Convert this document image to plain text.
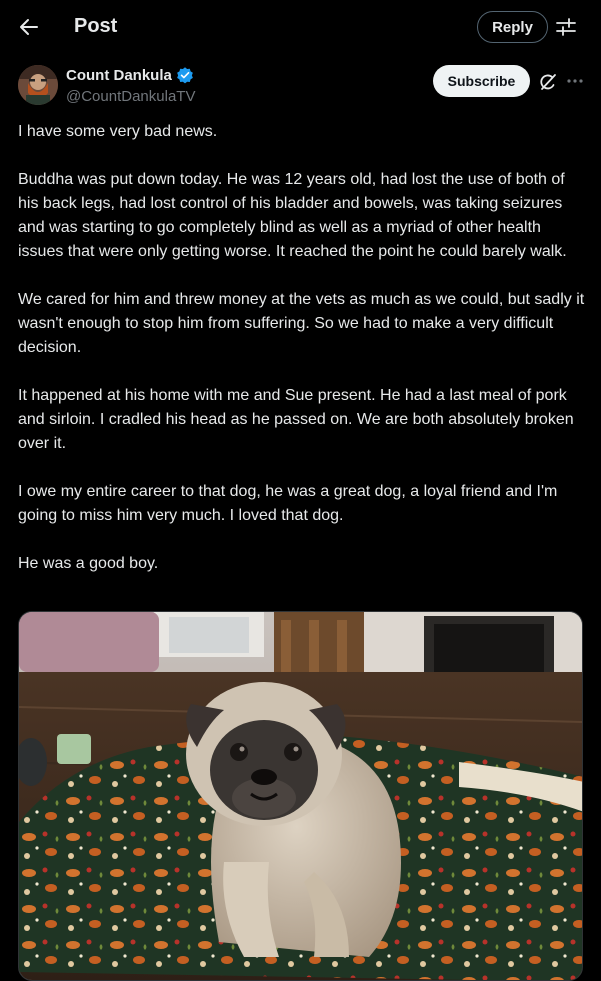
Post	Reply
Count Dankula
@CountDankulaTV
Subscribe

I have some very bad news.

Buddha was put down today. He was 12 years old, had lost the use of both of his back legs, had lost control of his bladder and bowels, was taking seizures and was starting to go completely blind as well as a myriad of other health issues that were only getting worse. It reached the point he could barely walk.

We cared for him and threw money at the vets as much as we could, but sadly it wasn't enough to stop him from suffering. So we had to make a very difficult decision.

It happened at his home with me and Sue present. He had a last meal of pork and sirloin. I cradled his head as he passed on. We are both absolutely broken over it.

I owe my entire career to that dog, he was a great dog, a loyal friend and I'm going to miss him very much. I loved that dog.

He was a good boy.
